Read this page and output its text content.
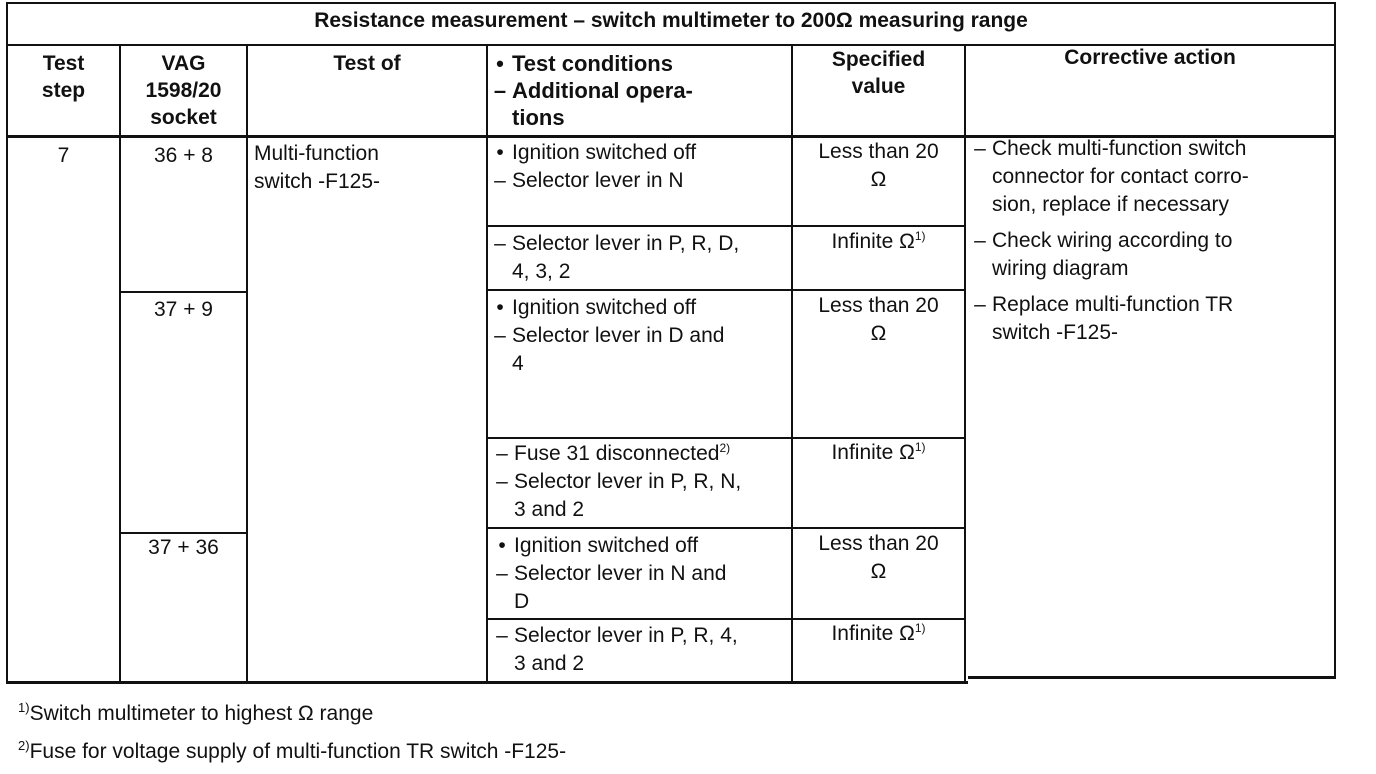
Resistance measurement – switch multimeter to 200Ω measuring range
Test
step
VAG
1598/20
socket
Test of	• Test conditions
– Additional opera-
tions
Specified
value
Corrective action
7	36 + 8
37 + 9
37 + 36
Multi-function
switch -F125-
• Ignition switched off
– Selector lever in N
– Selector lever in P, R, D,
4, 3, 2
• Ignition switched off
– Selector lever in D and
4
– Fuse 31 disconnected$^{2)}$
– Selector lever in P, R, N,
3 and 2
• Ignition switched off
– Selector lever in N and
D
– Selector lever in P, R, 4,
3 and 2
Less than 20
Ω
Infinite $\Omega^{1)}$
Less than 20
Ω
Infinite $\Omega^{1)}$
Less than 20
Ω
Infinite $\Omega^{1)}$
– Check multi-function switch
connector for contact corro-
sion, replace if necessary
– Check wiring according to
wiring diagram
– Replace multi-function TR
switch -F125-
$^{1)}$Switch multimeter to highest Ω range
$^{2)}$Fuse for voltage supply of multi-function TR switch -F125-
